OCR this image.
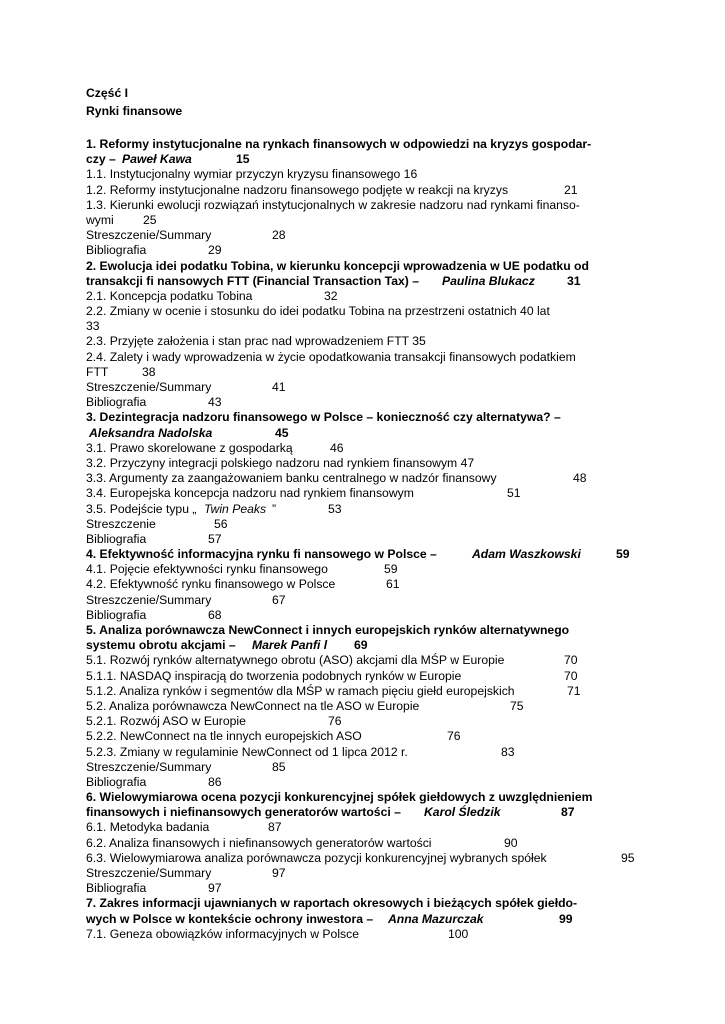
Część I
Rynki finansowe
1. Reformy instytucjonalne na rynkach finansowych w odpowiedzi na kryzys gospodar-
czy – Paweł Kawa	15
1.1. Instytucjonalny wymiar przyczyn kryzysu finansowego 16
1.2. Reformy instytucjonalne nadzoru finansowego podjęte w reakcji na kryzys	21
1.3. Kierunki ewolucji rozwiązań instytucjonalnych w zakresie nadzoru nad rynkami finanso-
wymi 25
Streszczenie/Summary	28
Bibliografia	29
2. Ewolucja idei podatku Tobina, w kierunku koncepcji wprowadzenia w UE podatku od
transakcji fi nansowych FTT (Financial Transaction Tax) – Paulina Blukacz	31
2.1. Koncepcja podatku Tobina	32
2.2. Zmiany w ocenie i stosunku do idei podatku Tobina na przestrzeni ostatnich 40 lat
33
2.3. Przyjęte założenia i stan prac nad wprowadzeniem FTT 35
2.4. Zalety i wady wprowadzenia w życie opodatkowania transakcji finansowych podatkiem
FTT	38
Streszczenie/Summary	41
Bibliografia	43
3. Dezintegracja nadzoru finansowego w Polsce – konieczność czy alternatywa? –
Aleksandra Nadolska	45
3.1. Prawo skorelowane z gospodarką	46
3.2. Przyczyny integracji polskiego nadzoru nad rynkiem finansowym 47
3.3. Argumenty za zaangażowaniem banku centralnego w nadzór finansowy	48
3.4. Europejska koncepcja nadzoru nad rynkiem finansowym	51
3.5. Podejście typu „ Twin Peaks ”	53
Streszczenie	56
Bibliografia	57
4. Efektywność informacyjna rynku fi nansowego w Polsce –	Adam Waszkowski	59
4.1. Pojęcie efektywności rynku finansowego	59
4.2. Efektywność rynku finansowego w Polsce	61
Streszczenie/Summary	67
Bibliografia	68
5. Analiza porównawcza NewConnect i innych europejskich rynków alternatywnego
systemu obrotu akcjami – Marek Panfi l 69
5.1. Rozwój rynków alternatywnego obrotu (ASO) akcjami dla MŚP w Europie	70
5.1.1. NASDAQ inspiracją do tworzenia podobnych rynków w Europie	70
5.1.2. Analiza rynków i segmentów dla MŚP w ramach pięciu giełd europejskich	71
5.2. Analiza porównawcza NewConnect na tle ASO w Europie	75
5.2.1. Rozwój ASO w Europie	76
5.2.2. NewConnect na tle innych europejskich ASO	76
5.2.3. Zmiany w regulaminie NewConnect od 1 lipca 2012 r.	83
Streszczenie/Summary	85
Bibliografia	86
6. Wielowymiarowa ocena pozycji konkurencyjnej spółek giełdowych z uwzględnieniem
finansowych i niefinansowych generatorów wartości – Karol Śledzik	87
6.1. Metodyka badania	87
6.2. Analiza finansowych i niefinansowych generatorów wartości	90
6.3. Wielowymiarowa analiza porównawcza pozycji konkurencyjnej wybranych spółek	95
Streszczenie/Summary	97
Bibliografia	97
7. Zakres informacji ujawnianych w raportach okresowych i bieżących spółek giełdo-
wych w Polsce w kontekście ochrony inwestora – Anna Mazurczak	99
7.1. Geneza obowiązków informacyjnych w Polsce	100
